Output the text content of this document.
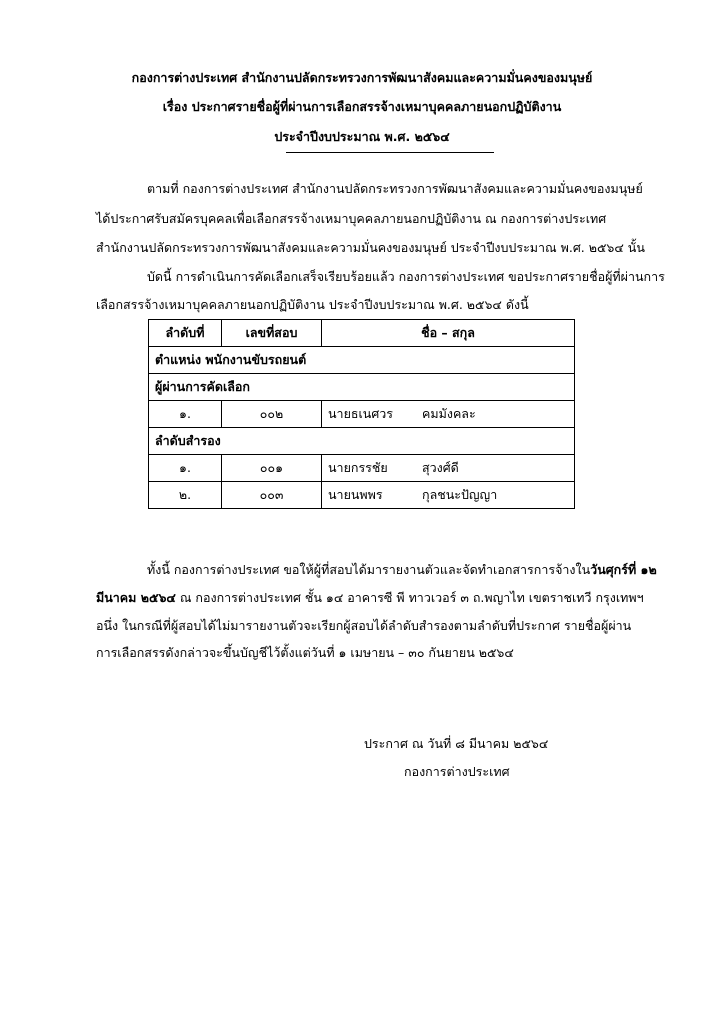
กองการต่างประเทศ สำนักงานปลัดกระทรวงการพัฒนาสังคมและความมั่นคงของมนุษย์
เรื่อง ประกาศรายชื่อผู้ที่ผ่านการเลือกสรรจ้างเหมาบุคคลภายนอกปฏิบัติงาน
ประจำปีงบประมาณ พ.ศ. ๒๕๖๔
ตามที่ กองการต่างประเทศ สำนักงานปลัดกระทรวงการพัฒนาสังคมและความมั่นคงของมนุษย์
ได้ประกาศรับสมัครบุคคลเพื่อเลือกสรรจ้างเหมาบุคคลภายนอกปฏิบัติงาน ณ กองการต่างประเทศ
สำนักงานปลัดกระทรวงการพัฒนาสังคมและความมั่นคงของมนุษย์ ประจำปีงบประมาณ พ.ศ. ๒๕๖๔ นั้น
บัดนี้ การดำเนินการคัดเลือกเสร็จเรียบร้อยแล้ว กองการต่างประเทศ ขอประกาศรายชื่อผู้ที่ผ่านการ
เลือกสรรจ้างเหมาบุคคลภายนอกปฏิบัติงาน ประจำปีงบประมาณ พ.ศ. ๒๕๖๔ ดังนี้
ลำดับที่	เลขที่สอบ	ชื่อ – สกุล
ตำแหน่ง พนักงานขับรถยนต์		
ผู้ผ่านการคัดเลือก		
๑.	๐๐๒	นายธเนศวร คมมังคละ
ลำดับสำรอง		
๑.	๐๐๑	นายกรรชัย สุวงศ์ดี
๒.	๐๐๓	นายนพพร กุลชนะปัญญา
ทั้งนี้ กองการต่างประเทศ ขอให้ผู้ที่สอบได้มารายงานตัวและจัดทำเอกสารการจ้างในวันศุกร์ที่ ๑๒
มีนาคม ๒๕๖๔ ณ กองการต่างประเทศ ชั้น ๑๔ อาคารซี พี ทาวเวอร์ ๓ ถ.พญาไท เขตราชเทวี กรุงเทพฯ
อนึ่ง ในกรณีที่ผู้สอบได้ไม่มารายงานตัวจะเรียกผู้สอบได้ลำดับสำรองตามลำดับที่ประกาศ รายชื่อผู้ผ่าน
การเลือกสรรดังกล่าวจะขึ้นบัญชีไว้ตั้งแต่วันที่ ๑ เมษายน – ๓๐ กันยายน ๒๕๖๔
ประกาศ ณ วันที่ ๘ มีนาคม ๒๕๖๔
กองการต่างประเทศ
